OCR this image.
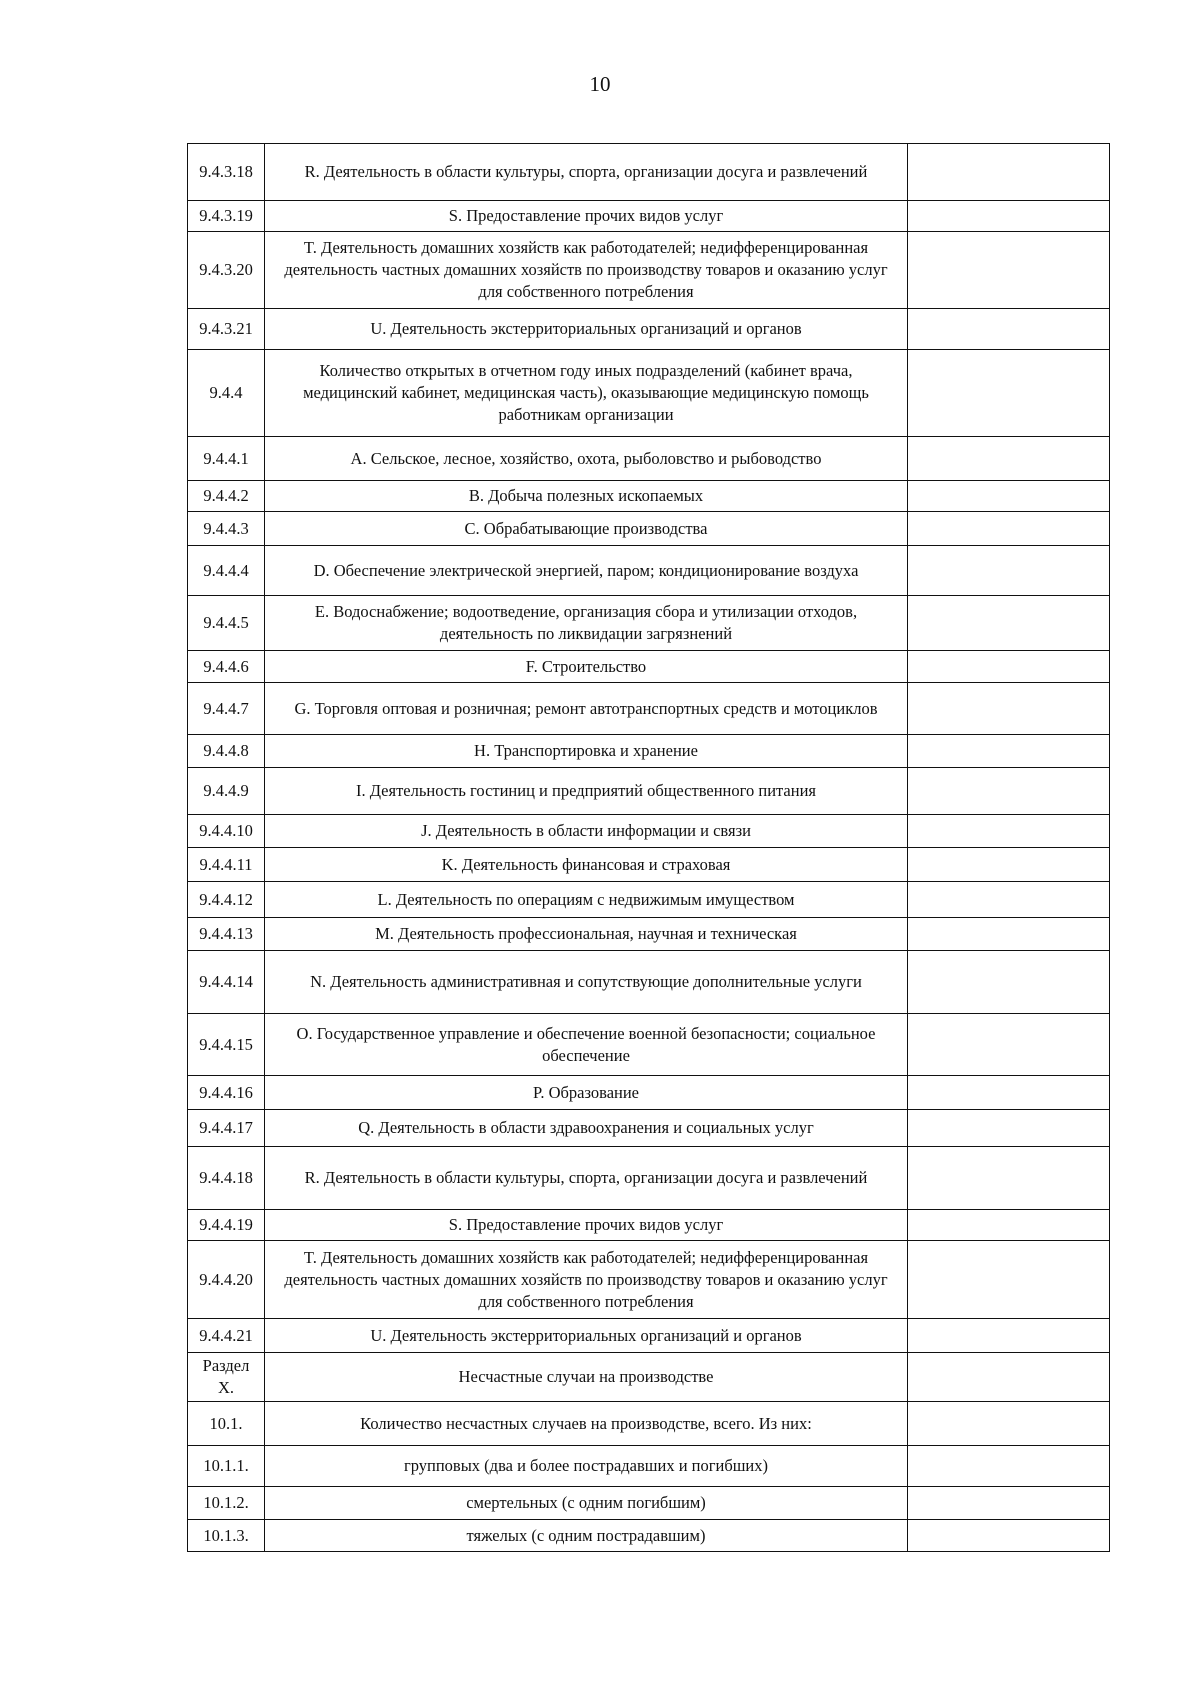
10
9.4.3.18	R. Деятельность в области культуры, спорта, организации досуга и развлечений	
9.4.3.19	S. Предоставление прочих видов услуг	
9.4.3.20	T. Деятельность домашних хозяйств как работодателей; недифференцированная деятельность частных домашних хозяйств по производству товаров и оказанию услуг для собственного потребления	
9.4.3.21	U. Деятельность экстерриториальных организаций и органов	
9.4.4	Количество открытых в отчетном году иных подразделений (кабинет врача, медицинский кабинет, медицинская часть), оказывающие медицинскую помощь работникам организации	
9.4.4.1	A. Сельское, лесное, хозяйство, охота, рыболовство и рыбоводство	
9.4.4.2	B. Добыча полезных ископаемых	
9.4.4.3	C. Обрабатывающие производства	
9.4.4.4	D. Обеспечение электрической энергией, паром; кондиционирование воздуха	
9.4.4.5	E. Водоснабжение; водоотведение, организация сбора и утилизации отходов, деятельность по ликвидации загрязнений	
9.4.4.6	F. Строительство	
9.4.4.7	G. Торговля оптовая и розничная; ремонт автотранспортных средств и мотоциклов	
9.4.4.8	H. Транспортировка и хранение	
9.4.4.9	I. Деятельность гостиниц и предприятий общественного питания	
9.4.4.10	J. Деятельность в области информации и связи	
9.4.4.11	K. Деятельность финансовая и страховая	
9.4.4.12	L. Деятельность по операциям с недвижимым имуществом	
9.4.4.13	M. Деятельность профессиональная, научная и техническая	
9.4.4.14	N. Деятельность административная и сопутствующие дополнительные услуги	
9.4.4.15	O. Государственное управление и обеспечение военной безопасности; социальное обеспечение	
9.4.4.16	P. Образование	
9.4.4.17	Q. Деятельность в области здравоохранения и социальных услуг	
9.4.4.18	R. Деятельность в области культуры, спорта, организации досуга и развлечений	
9.4.4.19	S. Предоставление прочих видов услуг	
9.4.4.20	T. Деятельность домашних хозяйств как работодателей; недифференцированная деятельность частных домашних хозяйств по производству товаров и оказанию услуг для собственного потребления	
9.4.4.21	U. Деятельность экстерриториальных организаций и органов	
Раздел X.	Несчастные случаи на производстве	
10.1.	Количество несчастных случаев на производстве, всего. Из них:	
10.1.1.	групповых (два и более пострадавших и погибших)	
10.1.2.	смертельных (с одним погибшим)	
10.1.3.	тяжелых (с одним пострадавшим)	
